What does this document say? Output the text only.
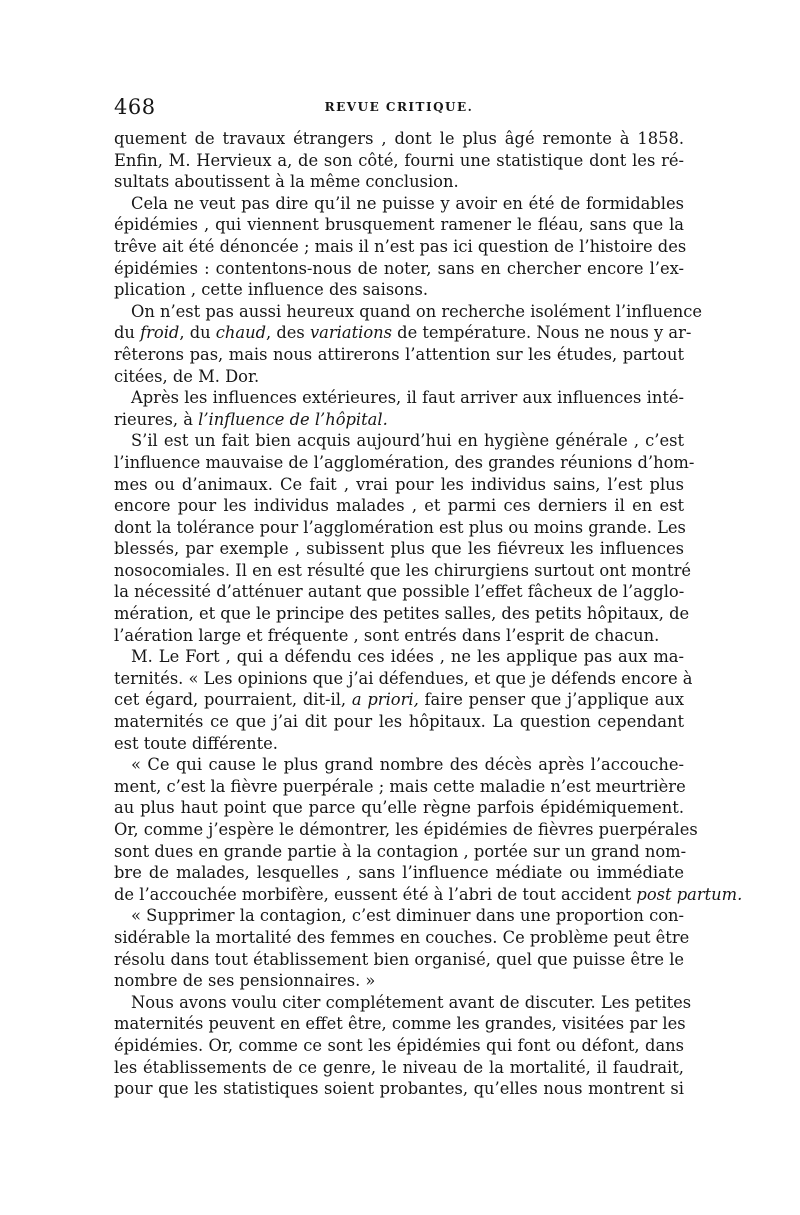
468	REVUE CRITIQUE.
quement de travaux étrangers , dont le plus âgé remonte à 1858.
Enfin, M. Hervieux a, de son côté, fourni une statistique dont les ré-
sultats aboutissent à la même conclusion.
Cela ne veut pas dire qu’il ne puisse y avoir en été de formidables
épidémies , qui viennent brusquement ramener le fléau, sans que la
trêve ait été dénoncée ; mais il n’est pas ici question de l’histoire des
épidémies : contentons-nous de noter, sans en chercher encore l’ex-
plication , cette influence des saisons.
On n’est pas aussi heureux quand on recherche isolément l’influence
du froid, du chaud, des variations de température. Nous ne nous y ar-
rêterons pas, mais nous attirerons l’attention sur les études, partout
citées, de M. Dor.
Après les influences extérieures, il faut arriver aux influences inté-
rieures, à l’influence de l’hôpital.
S’il est un fait bien acquis aujourd’hui en hygiène générale , c’est
l’influence mauvaise de l’agglomération, des grandes réunions d’hom-
mes ou d’animaux. Ce fait , vrai pour les individus sains, l’est plus
encore pour les individus malades , et parmi ces derniers il en est
dont la tolérance pour l’agglomération est plus ou moins grande. Les
blessés, par exemple , subissent plus que les fiévreux les influences
nosocomiales. Il en est résulté que les chirurgiens surtout ont montré
la nécessité d’atténuer autant que possible l’effet fâcheux de l’agglo-
mération, et que le principe des petites salles, des petits hôpitaux, de
l’aération large et fréquente , sont entrés dans l’esprit de chacun.
M. Le Fort , qui a défendu ces idées , ne les applique pas aux ma-
ternités. « Les opinions que j’ai défendues, et que je défends encore à
cet égard, pourraient, dit-il, a priori, faire penser que j’applique aux
maternités ce que j’ai dit pour les hôpitaux. La question cependant
est toute différente.
« Ce qui cause le plus grand nombre des décès après l’accouche-
ment, c’est la fièvre puerpérale ; mais cette maladie n’est meurtrière
au plus haut point que parce qu’elle règne parfois épidémiquement.
Or, comme j’espère le démontrer, les épidémies de fièvres puerpérales
sont dues en grande partie à la contagion , portée sur un grand nom-
bre de malades, lesquelles , sans l’influence médiate ou immédiate
de l’accouchée morbifère, eussent été à l’abri de tout accident post partum.
« Supprimer la contagion, c’est diminuer dans une proportion con-
sidérable la mortalité des femmes en couches. Ce problème peut être
résolu dans tout établissement bien organisé, quel que puisse être le
nombre de ses pensionnaires. »
Nous avons voulu citer complétement avant de discuter. Les petites
maternités peuvent en effet être, comme les grandes, visitées par les
épidémies. Or, comme ce sont les épidémies qui font ou défont, dans
les établissements de ce genre, le niveau de la mortalité, il faudrait,
pour que les statistiques soient probantes, qu’elles nous montrent si
